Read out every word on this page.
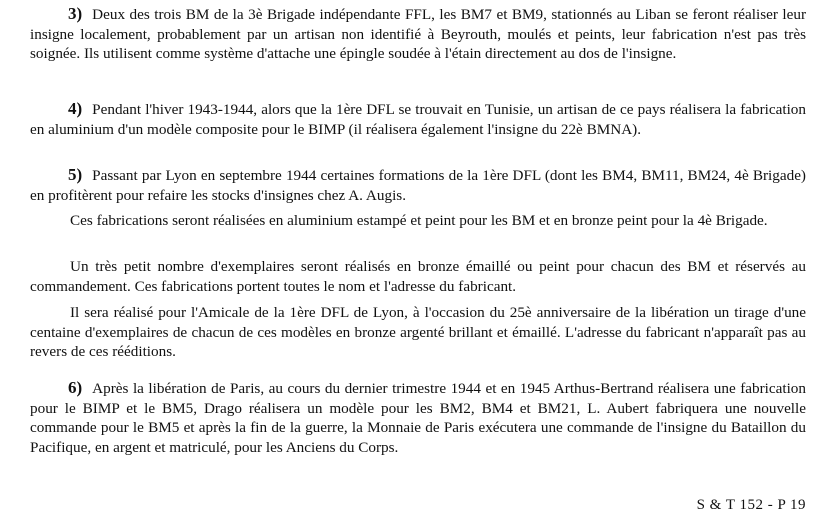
3) Deux des trois BM de la 3è Brigade indépendante FFL, les BM7 et BM9, stationnés au Liban se feront réaliser leur insigne localement, probablement par un artisan non identifié à Beyrouth, moulés et peints, leur fabrication n'est pas très soignée. Ils utilisent comme système d'attache une épingle soudée à l'étain directement au dos de l'insigne.

4) Pendant l'hiver 1943-1944, alors que la 1ère DFL se trouvait en Tunisie, un artisan de ce pays réalisera la fabrication en aluminium d'un modèle composite pour le BIMP (il réalisera également l'insigne du 22è BMNA).

5) Passant par Lyon en septembre 1944 certaines formations de la 1ère DFL (dont les BM4, BM11, BM24, 4è Brigade) en profitèrent pour refaire les stocks d'insignes chez A. Augis.

Ces fabrications seront réalisées en aluminium estampé et peint pour les BM et en bronze peint pour la 4è Brigade.

Un très petit nombre d'exemplaires seront réalisés en bronze émaillé ou peint pour chacun des BM et réservés au commandement. Ces fabrications portent toutes le nom et l'adresse du fabricant.

Il sera réalisé pour l'Amicale de la 1ère DFL de Lyon, à l'occasion du 25è anniversaire de la libération un tirage d'une centaine d'exemplaires de chacun de ces modèles en bronze argenté brillant et émaillé. L'adresse du fabricant n'apparaît pas au revers de ces rééditions.

6) Après la libération de Paris, au cours du dernier trimestre 1944 et en 1945 Arthus-Bertrand réalisera une fabrication pour le BIMP et le BM5, Drago réalisera un modèle pour les BM2, BM4 et BM21, L. Aubert fabriquera une nouvelle commande pour le BM5 et après la fin de la guerre, la Monnaie de Paris exécutera une commande de l'insigne du Bataillon du Pacifique, en argent et matriculé, pour les Anciens du Corps.

S & T 152 - P 19
